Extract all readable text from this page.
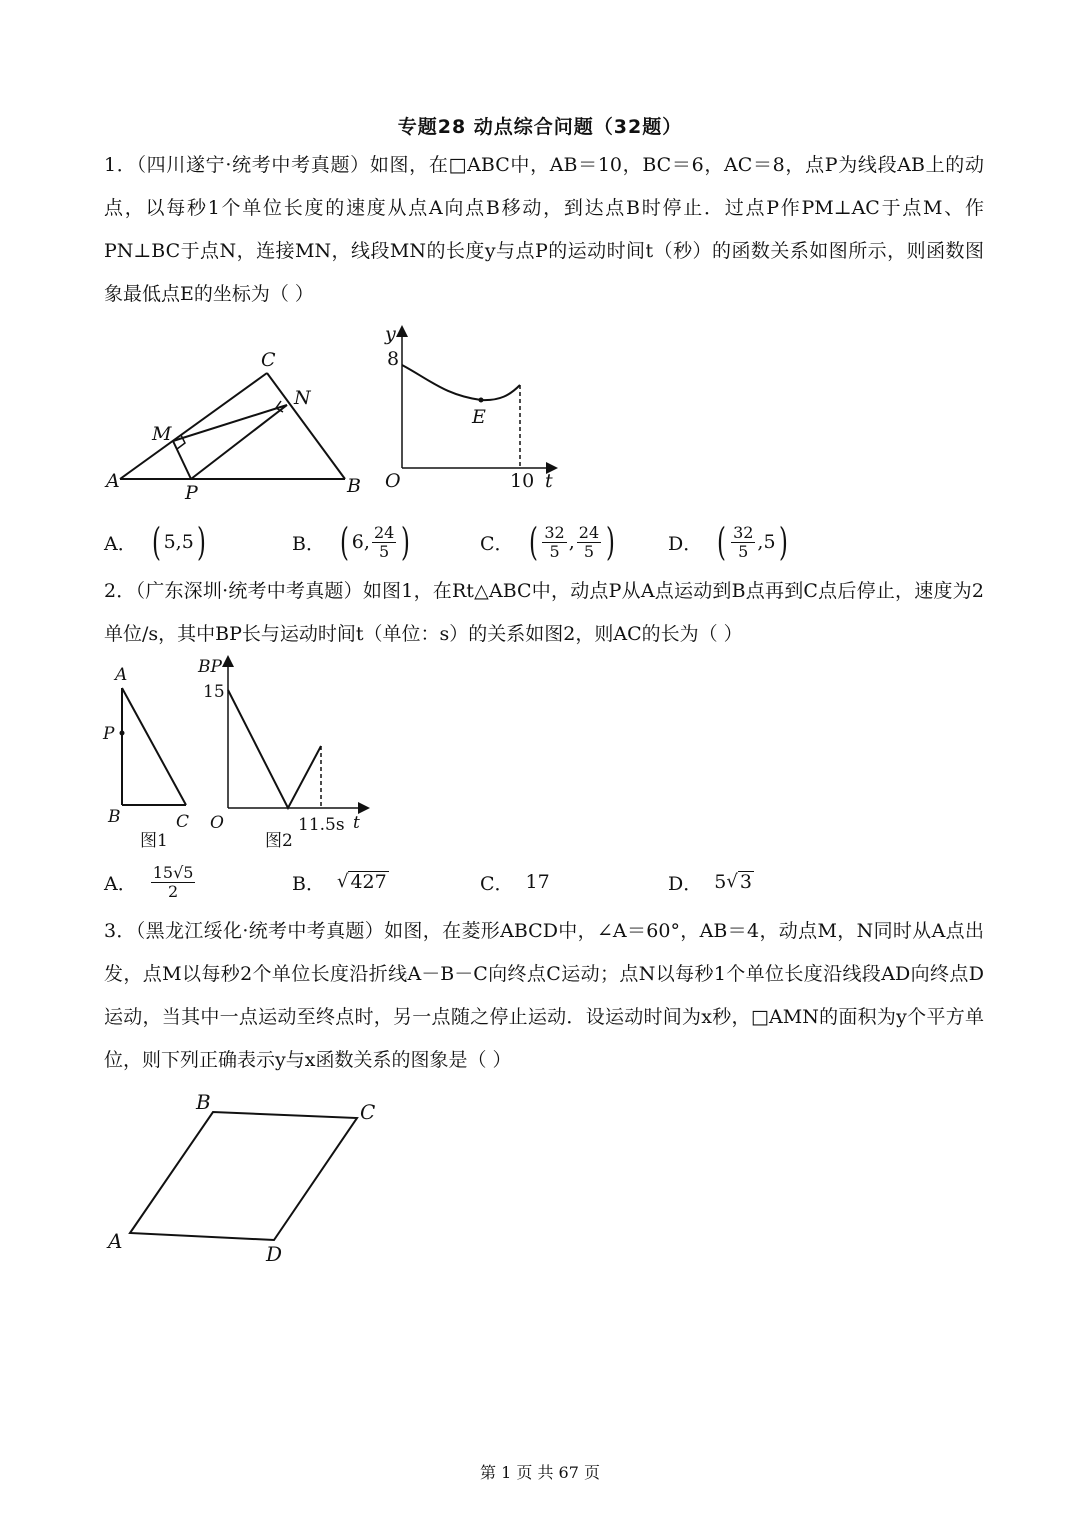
专题28 动点综合问题（32题）
1．（四川遂宁·统考中考真题）如图，在□ABC中，AB＝10，BC＝6，AC＝8，点P为线段AB上的动点，以每秒1个单位长度的速度从点A向点B移动，到达点B时停止．过点P作PM⊥AC于点M、作PN⊥BC于点N，连接MN，线段MN的长度y与点P的运动时间t（秒）的函数关系如图所示，则函数图象最低点E的坐标为（ ）
A	B
C
M
N
P
y
8
E
O	10 t
A． ( 5,5 )	B． ( 6, $\frac{24}{5}$ )	C． ( $\frac{32}{5}$ , $\frac{24}{5}$ )	D． ( $\frac{32}{5} ,5$ )
2．（广东深圳·统考中考真题）如图1，在Rt△ABC中，动点P从A点运动到B点再到C点后停止，速度为2单位/s，其中BP长与运动时间t（单位：s）的关系如图2，则AC的长为（ ）
A
P
B	C
图1
BP
15
O	11.5s t
图2
A． $\frac{15√5}{2}$	B． √ 427	C． 17	D． 5 √ 3
3．（黑龙江绥化·统考中考真题）如图，在菱形ABCD中，∠A＝60°，AB＝4，动点M，N同时从A点出发，点M以每秒2个单位长度沿折线A－B－C向终点C运动；点N以每秒1个单位长度沿线段AD向终点D运动，当其中一点运动至终点时，另一点随之停止运动．设运动时间为x秒，□AMN的面积为y个平方单位，则下列正确表示y与x函数关系的图象是（ ）
A
B	C
D
第 1 页 共 67 页
